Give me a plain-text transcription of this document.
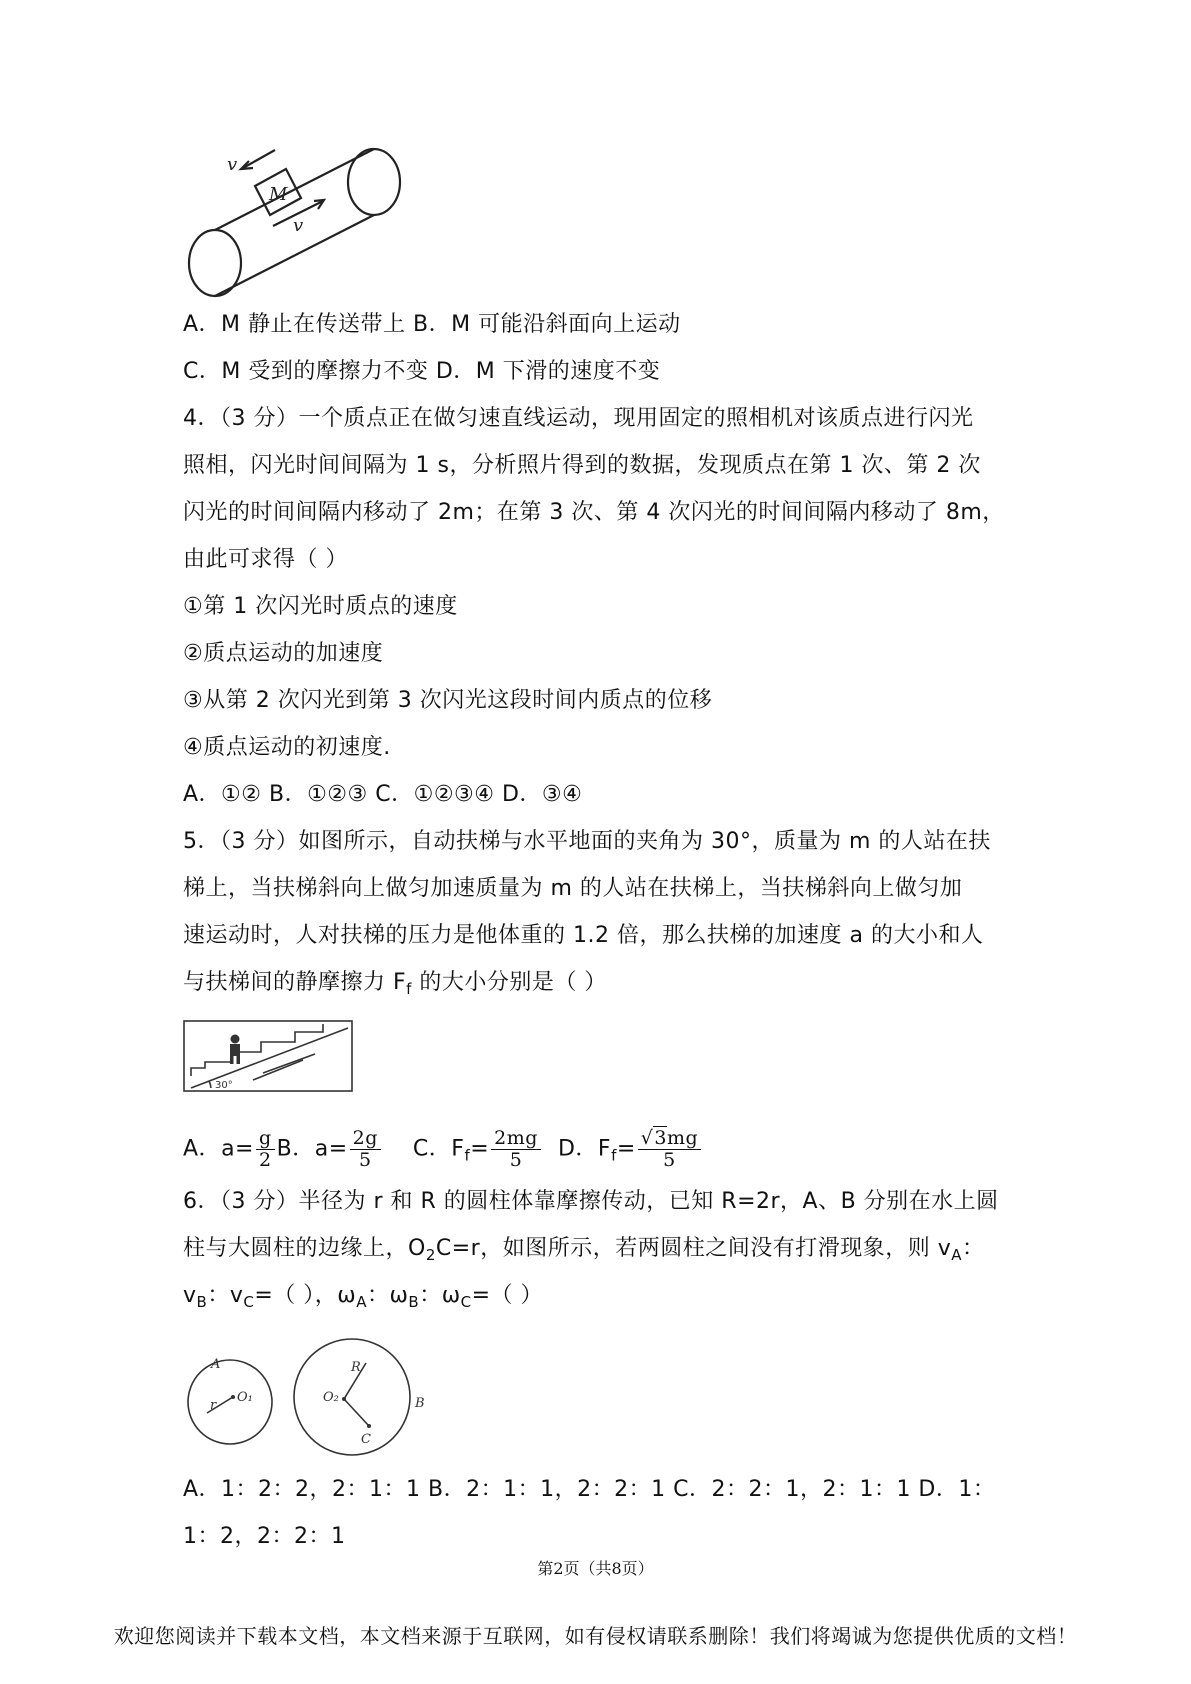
v
M
v
A．M 静止在传送带上 B．M 可能沿斜面向上运动
C．M 受到的摩擦力不变 D．M 下滑的速度不变
4．（3 分）一个质点正在做匀速直线运动，现用固定的照相机对该质点进行闪光
照相，闪光时间间隔为 1 s，分析照片得到的数据，发现质点在第 1 次、第 2 次
闪光的时间间隔内移动了 2m；在第 3 次、第 4 次闪光的时间间隔内移动了 8m，
由此可求得（ ）
①第 1 次闪光时质点的速度
②质点运动的加速度
③从第 2 次闪光到第 3 次闪光这段时间内质点的位移
④质点运动的初速度.
A．①② B．①②③ C．①②③④ D．③④
5．（3 分）如图所示，自动扶梯与水平地面的夹角为 30°，质量为 m 的人站在扶
梯上，当扶梯斜向上做匀加速质量为 m 的人站在扶梯上，当扶梯斜向上做匀加
速运动时，人对扶梯的压力是他体重的 1.2 倍，那么扶梯的加速度 a 的大小和人
与扶梯间的静摩擦力 $F_f$ 的大小分别是（ ）
30°
A．$a= \frac{g}{2}$ B．$a= \frac{2g}{5}$ C．$F_f= \frac{2mg}{5}$ D．$F_f= \frac{√3mg}{5}$
6．（3 分）半径为 r 和 R 的圆柱体靠摩擦传动，已知 R=2r，A、B 分别在水上圆
柱与大圆柱的边缘上，$O_2C=r$，如图所示，若两圆柱之间没有打滑现象，则 $v_A$：
$v_B$：$v_C=$（ ），$\omega_A$：$\omega_B$：$\omega_C=$（ ）
A
r
O₁
R
O₂	B
C
A．1：2：2，2：1：1 B．2：1：1，2：2：1 C．2：2：1，2：1：1 D．1：
1：2，2：2：1
第2页（共8页）
欢迎您阅读并下载本文档，本文档来源于互联网，如有侵权请联系删除！我们将竭诚为您提供优质的文档！
